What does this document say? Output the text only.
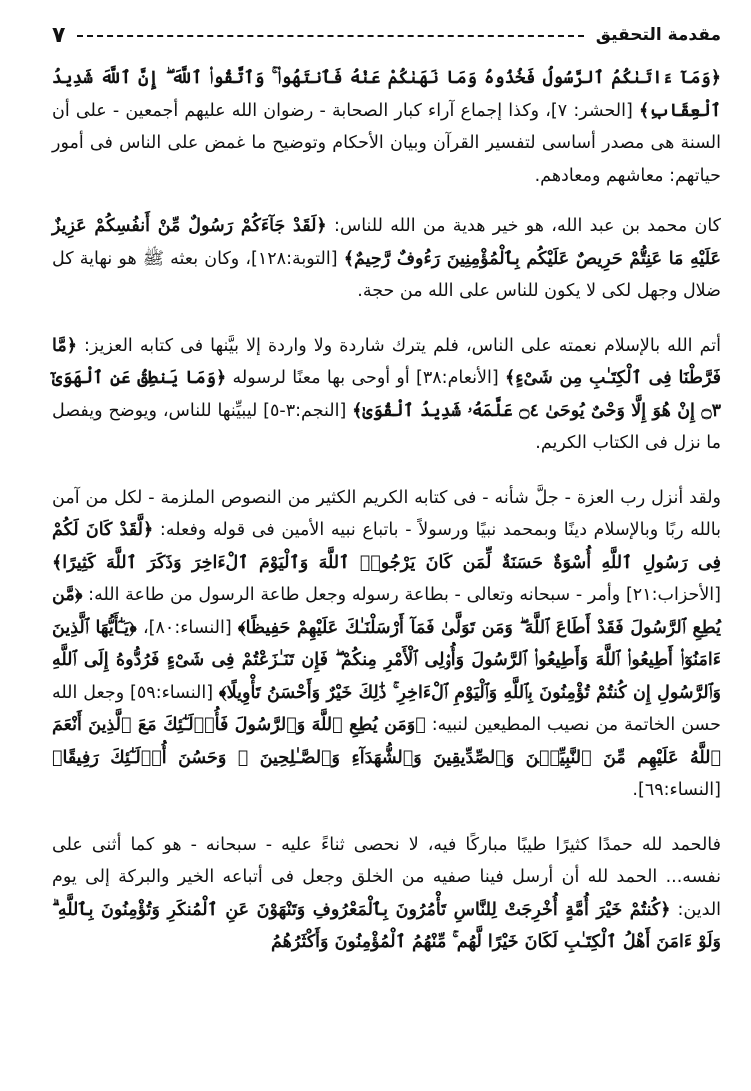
مقدمة التحقيق
٧

﴿وَمَآ ءَاتَىٰكُمُ ٱلرَّسُولُ فَخُذُوهُ وَمَا نَهَىٰكُمْ عَنْهُ فَٱنتَهُوا۟ ۚ وَٱتَّقُوا۟ ٱللَّهَ ۖ إِنَّ ٱللَّهَ شَدِيدُ ٱلْعِقَابِ﴾ [الحشر: ٧]، وكذا إجماع آراء كبار الصحابة - رضوان الله عليهم أجمعين - على أن السنة هى مصدر أساسى لتفسير القرآن وبيان الأحكام وتوضيح ما غمض على الناس فى أمور حياتهم: معاشهم ومعادهم.

كان محمد بن عبد الله، هو خير هدية من الله للناس: ﴿لَقَدْ جَآءَكُمْ رَسُولٌ مِّنْ أَنفُسِكُمْ عَزِيزٌ عَلَيْهِ مَا عَنِتُّمْ حَرِيصٌ عَلَيْكُم بِٱلْمُؤْمِنِينَ رَءُوفٌ رَّحِيمٌ﴾ [التوبة:١٢٨]، وكان بعثه ﷺ هو نهاية كل ضلال وجهل لكى لا يكون للناس على الله من حجة.

أتم الله بالإسلام نعمته على الناس، فلم يترك شاردة ولا واردة إلا بيَّنها فى كتابه العزيز: ﴿مَّا فَرَّطْنَا فِى ٱلْكِتَـٰبِ مِن شَىْءٍ﴾ [الأنعام:٣٨] أو أوحى بها معنًا لرسوله ﴿وَمَا يَنطِقُ عَنِ ٱلْهَوَىٰٓ ۝٣ إِنْ هُوَ إِلَّا وَحْىٌ يُوحَىٰ ۝٤ عَلَّمَهُۥ شَدِيدُ ٱلْقُوَىٰ﴾ [النجم:٣-٥] ليبيِّنها للناس، ويوضح ويفصل ما نزل فى الكتاب الكريم.

ولقد أنزل رب العزة - جلَّ شأنه - فى كتابه الكريم الكثير من النصوص الملزمة - لكل من آمن بالله ربًا وبالإسلام دينًا وبمحمد نبيًا ورسولاً - باتباع نبيه الأمين فى قوله وفعله: ﴿لَّقَدْ كَانَ لَكُمْ فِى رَسُولِ ٱللَّهِ أُسْوَةٌ حَسَنَةٌ لِّمَن كَانَ يَرْجُوا۟ ٱللَّهَ وَٱلْيَوْمَ ٱلْءَاخِرَ وَذَكَرَ ٱللَّهَ كَثِيرًا﴾ [الأحزاب:٢١] وأمر - سبحانه وتعالى - بطاعة رسوله وجعل طاعة الرسول من طاعة الله: ﴿مَّن يُطِعِ ٱلرَّسُولَ فَقَدْ أَطَاعَ ٱللَّهَ ۖ وَمَن تَوَلَّىٰ فَمَآ أَرْسَلْنَـٰكَ عَلَيْهِمْ حَفِيظًا﴾ [النساء:٨٠]، ﴿يَـٰٓأَيُّهَا ٱلَّذِينَ ءَامَنُوٓا۟ أَطِيعُوا۟ ٱللَّهَ وَأَطِيعُوا۟ ٱلرَّسُولَ وَأُو۟لِى ٱلْأَمْرِ مِنكُمْ ۖ فَإِن تَنَـٰزَعْتُمْ فِى شَىْءٍ فَرُدُّوهُ إِلَى ٱللَّهِ وَٱلرَّسُولِ إِن كُنتُمْ تُؤْمِنُونَ بِٱللَّهِ وَٱلْيَوْمِ ٱلْءَاخِرِ ۚ ذَٰلِكَ خَيْرٌ وَأَحْسَنُ تَأْوِيلًا﴾ [النساء:٥٩] وجعل الله حسن الخاتمة من نصيب المطيعين لنبيه: ﴿وَمَن يُطِعِ ٱللَّهَ وَٱلرَّسُولَ فَأُو۟لَـٰٓئِكَ مَعَ ٱلَّذِينَ أَنْعَمَ ٱللَّهُ عَلَيْهِم مِّنَ ٱلنَّبِيِّـۧنَ وَٱلصِّدِّيقِينَ وَٱلشُّهَدَآءِ وَٱلصَّـٰلِحِينَ ۚ وَحَسُنَ أُو۟لَـٰٓئِكَ رَفِيقًا﴾ [النساء:٦٩].

فالحمد لله حمدًا كثيرًا طيبًا مباركًا فيه، لا نحصى ثناءً عليه - سبحانه - هو كما أثنى على نفسه... الحمد لله أن أرسل فينا صفيه من الخلق وجعل فى أتباعه الخير والبركة إلى يوم الدين: ﴿كُنتُمْ خَيْرَ أُمَّةٍ أُخْرِجَتْ لِلنَّاسِ تَأْمُرُونَ بِٱلْمَعْرُوفِ وَتَنْهَوْنَ عَنِ ٱلْمُنكَرِ وَتُؤْمِنُونَ بِٱللَّهِ ۗ وَلَوْ ءَامَنَ أَهْلُ ٱلْكِتَـٰبِ لَكَانَ خَيْرًا لَّهُم ۚ مِّنْهُمُ ٱلْمُؤْمِنُونَ وَأَكْثَرُهُمُ
